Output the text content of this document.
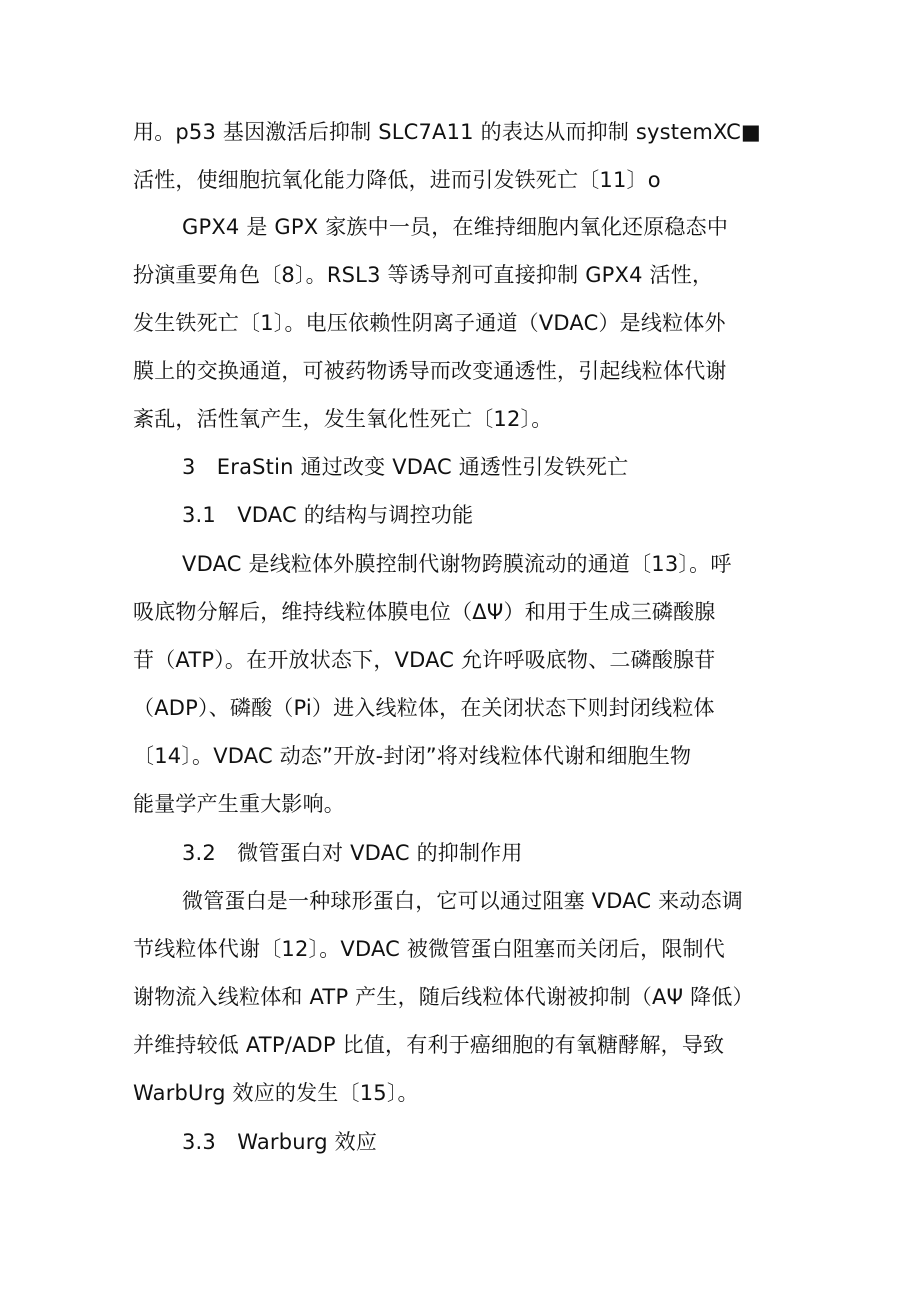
用。p53 基因激活后抑制 SLC7A11 的表达从而抑制 systemXC■
活性，使细胞抗氧化能力降低，进而引发铁死亡〔11〕o
GPX4 是 GPX 家族中一员，在维持细胞内氧化还原稳态中
扮演重要角色〔8〕。RSL3 等诱导剂可直接抑制 GPX4 活性，
发生铁死亡〔1〕。电压依赖性阴离子通道（VDAC）是线粒体外
膜上的交换通道，可被药物诱导而改变通透性，引起线粒体代谢
紊乱，活性氧产生，发生氧化性死亡〔12〕。
3　EraStin 通过改变 VDAC 通透性引发铁死亡
3.1　VDAC 的结构与调控功能
VDAC 是线粒体外膜控制代谢物跨膜流动的通道〔13〕。呼
吸底物分解后，维持线粒体膜电位（ΔΨ）和用于生成三磷酸腺
苷（ATP）。在开放状态下，VDAC 允许呼吸底物、二磷酸腺苷
（ADP）、磷酸（Pi）进入线粒体，在关闭状态下则封闭线粒体
〔14〕。VDAC 动态”开放-封闭”将对线粒体代谢和细胞生物
能量学产生重大影响。
3.2　微管蛋白对 VDAC 的抑制作用
微管蛋白是一种球形蛋白，它可以通过阻塞 VDAC 来动态调
节线粒体代谢〔12〕。VDAC 被微管蛋白阻塞而关闭后，限制代
谢物流入线粒体和 ATP 产生，随后线粒体代谢被抑制（AΨ 降低）
并维持较低 ATP/ADP 比值，有利于癌细胞的有氧糖酵解，导致
WarbUrg 效应的发生〔15〕。
3.3　Warburg 效应
